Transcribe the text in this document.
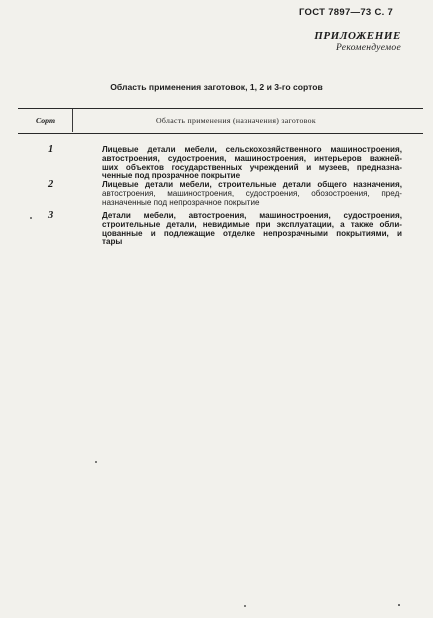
ГОСТ 7897—73 С. 7
ПРИЛОЖЕНИЕ
Рекомендуемое
Область применения заготовок, 1, 2 и 3-го сортов
Сорт	Область применения (назначения) заготовок
1	Лицевые детали мебели, сельскохозяйственного машиностроения,
автостроения, судостроения, машиностроения, интерьеров важней-
ших объектов государственных учреждений и музеев, предназна-
ченные под прозрачное покрытие
2	Лицевые детали мебели, строительные детали общего назначения,
автостроения, машиностроения, судостроения, обозостроения, пред-
назначенные под непрозрачное покрытие
3	Детали мебели, автостроения, машиностроения, судостроения,
строительные детали, невидимые при эксплуатации, а также обли-
цованные и подлежащие отделке непрозрачными покрытиями, и
тары
